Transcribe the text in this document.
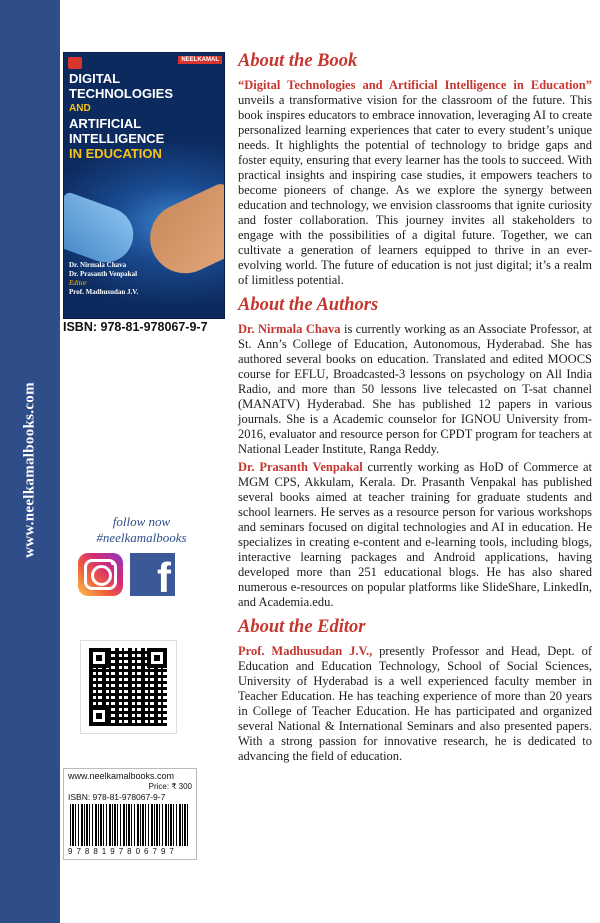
www.neelkamalbooks.com
NEELKAMAL
DIGITAL
TECHNOLOGIES
AND
ARTIFICIAL
INTELLIGENCE
IN EDUCATION
Dr. Nirmala Chava
Dr. Prasanth Venpakal
Editor
Prof. Madhusudan J.V.
ISBN: 978-81-978067-9-7
follow now
#neelkamalbooks
f
www.neelkamalbooks.com
Price: ₹ 300
ISBN: 978-81-978067-9-7
9788197806797
About the Book

“Digital Technologies and Artificial Intelligence in Education” unveils a transformative vision for the classroom of the future. This book inspires educators to embrace innovation, leveraging AI to create personalized learning experiences that cater to every student’s unique needs. It highlights the potential of technology to bridge gaps and foster equity, ensuring that every learner has the tools to succeed. With practical insights and inspiring case studies, it empowers teachers to become pioneers of change. As we explore the synergy between education and technology, we envision classrooms that ignite curiosity and foster collaboration. This journey invites all stakeholders to engage with the possibilities of a digital future. Together, we can cultivate a generation of learners equipped to thrive in an ever-evolving world. The future of education is not just digital; it’s a realm of limitless potential.

About the Authors

Dr. Nirmala Chava is currently working as an Associate Professor, at St. Ann’s College of Education, Autonomous, Hyderabad. She has authored several books on education. Translated and edited MOOCS course for EFLU, Broadcasted-3 lessons on psychology on All India Radio, and more than 50 lessons live telecasted on T-sat channel (MANATV) Hyderabad. She has published 12 papers in various journals. She is a Academic counselor for IGNOU University from-2016, evaluator and resource person for CPDT program for teachers at National Leader Institute, Ranga Reddy.

Dr. Prasanth Venpakal currently working as HoD of Commerce at MGM CPS, Akkulam, Kerala. Dr. Prasanth Venpakal has published several books aimed at teacher training for graduate students and school learners. He serves as a resource person for various workshops and seminars focused on digital technologies and AI in education. He specializes in creating e-content and e-learning tools, including blogs, interactive learning packages and Android applications, having developed more than 251 educational blogs. He has also shared numerous e-resources on popular platforms like SlideShare, LinkedIn, and Academia.edu.

About the Editor

Prof. Madhusudan J.V., presently Professor and Head, Dept. of Education and Education Technology, School of Social Sciences, University of Hyderabad is a well experienced faculty member in Teacher Education. He has teaching experience of more than 20 years in College of Teacher Education. He has participated and organized several National & International Seminars and also presented papers. With a strong passion for innovative research, he is dedicated to advancing the field of education.
